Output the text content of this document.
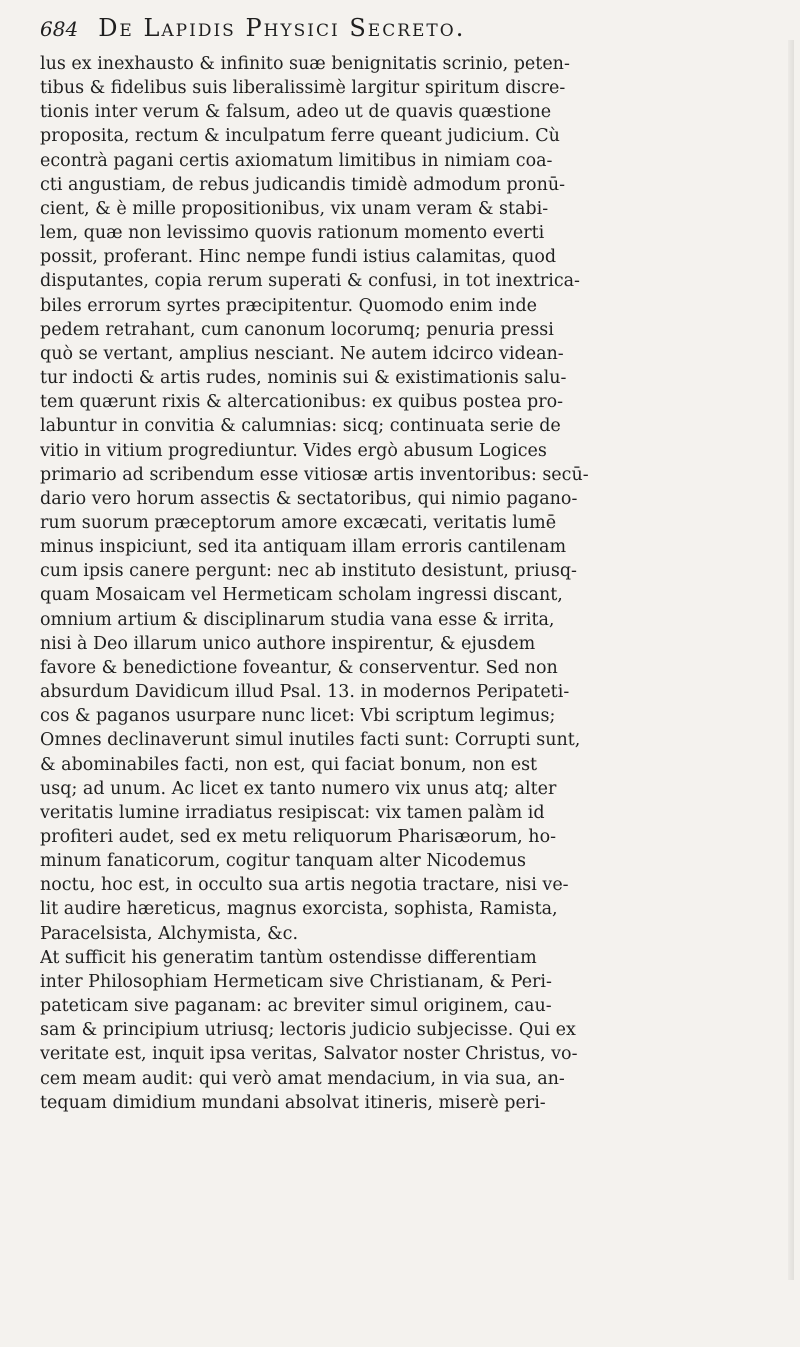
684 De Lapidis Physici Secreto.
lus ex inexhausto & infinito suæ benignitatis scrinio, peten-
tibus & fidelibus suis liberalissimè largitur spiritum discre-
tionis inter verum & falsum, adeo ut de quavis quæstione
proposita, rectum & inculpatum ferre queant judicium. Cù
econtrà pagani certis axiomatum limitibus in nimiam coa-
cti angustiam, de rebus judicandis timidè admodum pronū-
cient, & è mille propositionibus, vix unam veram & stabi-
lem, quæ non levissimo quovis rationum momento everti
possit, proferant. Hinc nempe fundi istius calamitas, quod
disputantes, copia rerum superati & confusi, in tot inextrica-
biles errorum syrtes præcipitentur. Quomodo enim inde
pedem retrahant, cum canonum locorumq; penuria pressi
quò se vertant, amplius nesciant. Ne autem idcirco videan-
tur indocti & artis rudes, nominis sui & existimationis salu-
tem quærunt rixis & altercationibus: ex quibus postea pro-
labuntur in convitia & calumnias: sicq; continuata serie de
vitio in vitium progrediuntur. Vides ergò abusum Logices
primario ad scribendum esse vitiosæ artis inventoribus: secū-
dario vero horum assectis & sectatoribus, qui nimio pagano-
rum suorum præceptorum amore excæcati, veritatis lumē
minus inspiciunt, sed ita antiquam illam erroris cantilenam
cum ipsis canere pergunt: nec ab instituto desistunt, priusq-
quam Mosaicam vel Hermeticam scholam ingressi discant,
omnium artium & disciplinarum studia vana esse & irrita,
nisi à Deo illarum unico authore inspirentur, & ejusdem
favore & benedictione foveantur, & conserventur. Sed non
absurdum Davidicum illud Psal. 13. in modernos Peripateti-
cos & paganos usurpare nunc licet: Vbi scriptum legimus;
Omnes declinaverunt simul inutiles facti sunt: Corrupti sunt,
& abominabiles facti, non est, qui faciat bonum, non est
usq; ad unum. Ac licet ex tanto numero vix unus atq; alter
veritatis lumine irradiatus resipiscat: vix tamen palàm id
profiteri audet, sed ex metu reliquorum Pharisæorum, ho-
minum fanaticorum, cogitur tanquam alter Nicodemus
noctu, hoc est, in occulto sua artis negotia tractare, nisi ve-
lit audire hæreticus, magnus exorcista, sophista, Ramista,
Paracelsista, Alchymista, &c.
At sufficit his generatim tantùm ostendisse differentiam
inter Philosophiam Hermeticam sive Christianam, & Peri-
pateticam sive paganam: ac breviter simul originem, cau-
sam & principium utriusq; lectoris judicio subjecisse. Qui ex
veritate est, inquit ipsa veritas, Salvator noster Christus, vo-
cem meam audit: qui verò amat mendacium, in via sua, an-
tequam dimidium mundani absolvat itineris, miserè peri-
